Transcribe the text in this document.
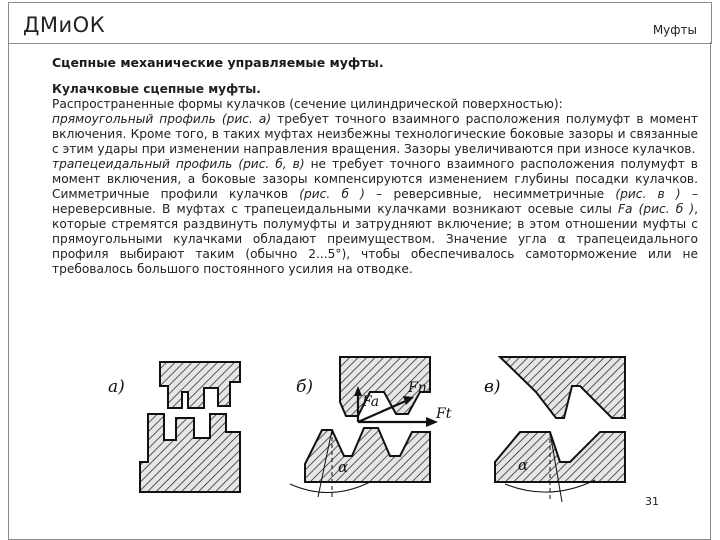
ДМиОК	Муфты
Сцепные механические управляемые муфты.

Кулачковые сцепные муфты.

Распространенные формы кулачков (сечение цилиндрической поверхностью):

прямоугольный профиль (рис. а) требует точного взаимного расположения полумуфт в момент включения. Кроме того, в таких муфтах неизбежны технологические боковые зазоры и связанные с этим удары при изменении направления вращения. Зазоры увеличиваются при износе кулачков.

трапецеидальный профиль (рис. б, в) не требует точного взаимного расположения полумуфт в момент включения, а боковые зазоры компенсируются изменением глубины посадки кулачков. Симметричные профили кулачков (рис. б ) – реверсивные, несимметричные (рис. в ) – нереверсивные. В муфтах с трапецеидальными кулачками возникают осевые силы Fa (рис. б ), которые стремятся раздвинуть полумуфты и затрудняют включение; в этом отношении муфты с прямоугольными кулачками обладают преимуществом. Значение угла α трапецеидального профиля выбирают таким (обычно 2...5°), чтобы обеспечивалось самоторможение или не требовалось большого постоянного усилия на отводке.

а)	б)
Fa
Fn
Ft
α
в)
α
31
